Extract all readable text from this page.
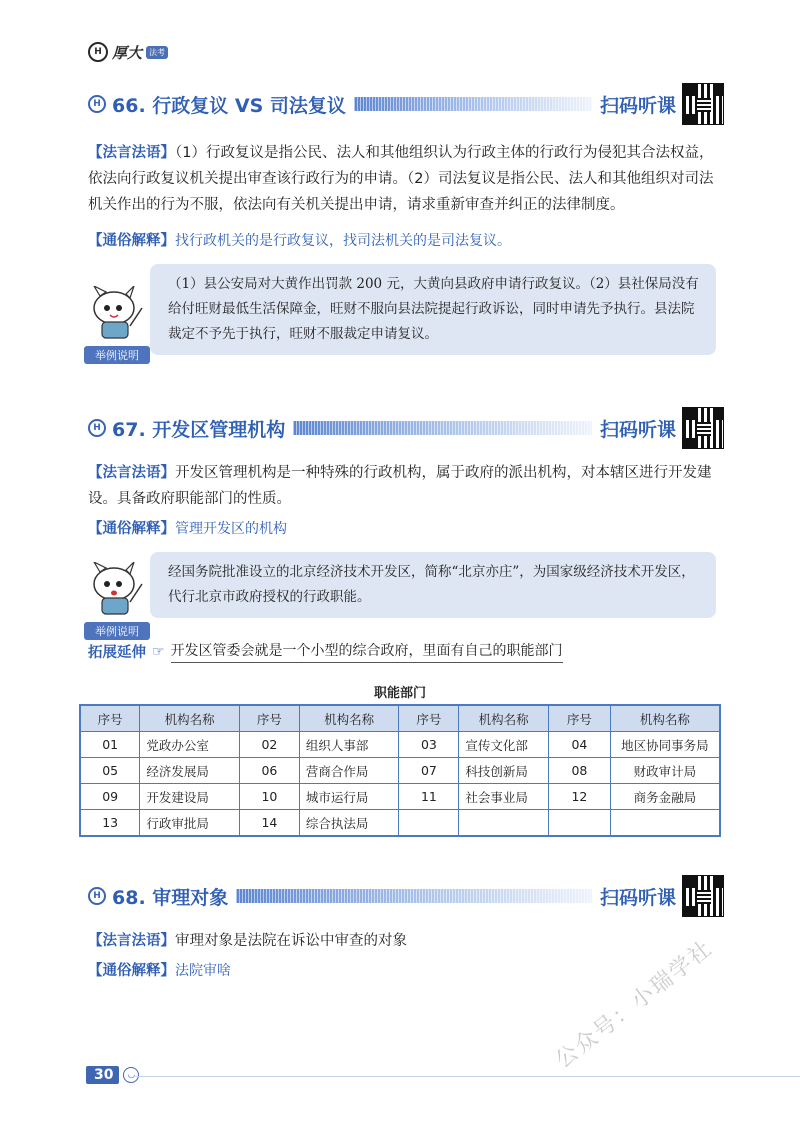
H 厚大 法考
H 66. 行政复议 VS 司法复议	扫码听课
【法言法语】（1）行政复议是指公民、法人和其他组织认为行政主体的行政行为侵犯其合法权益，依法向行政复议机关提出审查该行政行为的申请。（2）司法复议是指公民、法人和其他组织对司法机关作出的行为不服，依法向有关机关提出申请，请求重新审查并纠正的法律制度。
【通俗解释】找行政机关的是行政复议，找司法机关的是司法复议。
举例说明
（1）县公安局对大黄作出罚款 200 元，大黄向县政府申请行政复议。（2）县社保局没有给付旺财最低生活保障金，旺财不服向县法院提起行政诉讼，同时申请先予执行。县法院裁定不予先于执行，旺财不服裁定申请复议。
H 67. 开发区管理机构	扫码听课
【法言法语】开发区管理机构是一种特殊的行政机构，属于政府的派出机构，对本辖区进行开发建设。具备政府职能部门的性质。
【通俗解释】管理开发区的机构
举例说明
经国务院批准设立的北京经济技术开发区，简称“北京亦庄”，为国家级经济技术开发区，代行北京市政府授权的行政职能。
拓展延伸 ☞ 开发区管委会就是一个小型的综合政府，里面有自己的职能部门
职能部门
序号	机构名称	序号	机构名称	序号	机构名称	序号	机构名称
01	党政办公室	02	组织人事部	03	宣传文化部	04	地区协同事务局
05	经济发展局	06	营商合作局	07	科技创新局	08	财政审计局
09	开发建设局	10	城市运行局	11	社会事业局	12	商务金融局
13	行政审批局	14	综合执法局				
H 68. 审理对象	扫码听课
【法言法语】审理对象是法院在诉讼中审查的对象
【通俗解释】法院审啥	公众号：小瑞学社
30	◡
